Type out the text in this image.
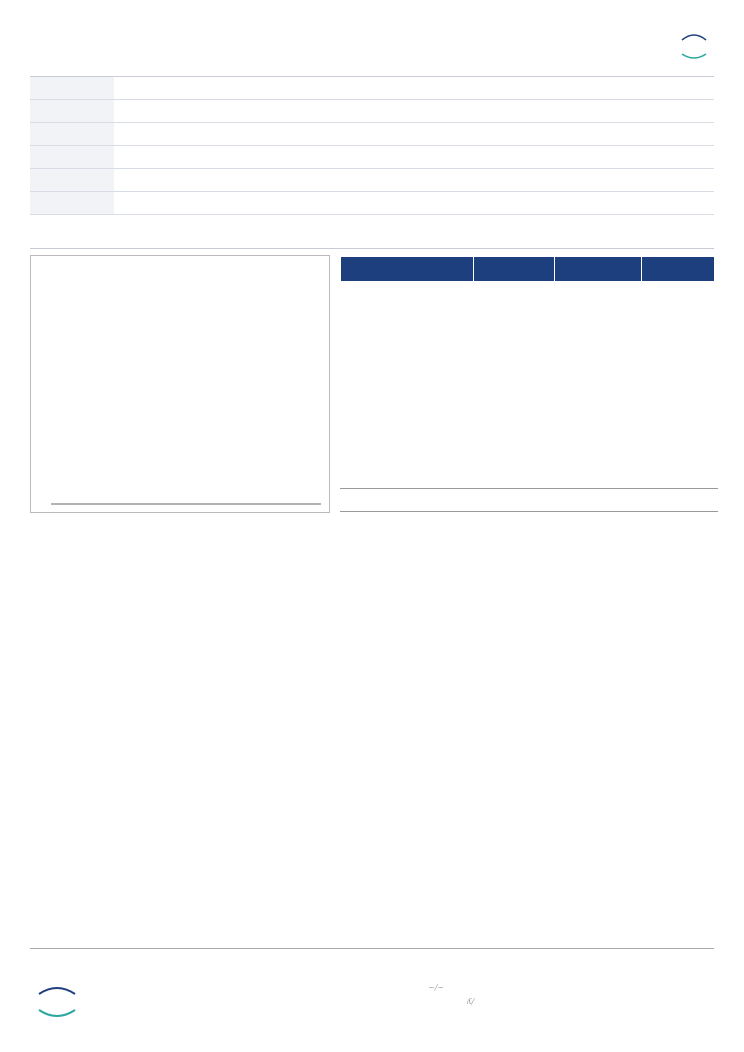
~∕∼
ʎ∕
